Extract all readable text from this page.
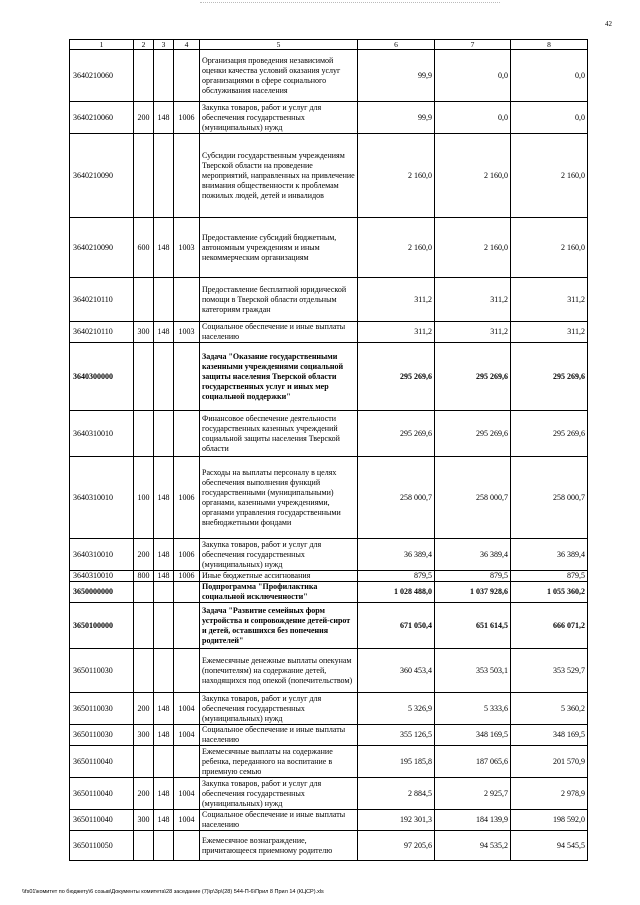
42
1	2	3	4	5	6	7	8
3640210060				Организация проведения независимой оценки качества условий оказания услуг организациями в сфере социального обслуживания населения	99,9	0,0	0,0
3640210060	200	148	1006	Закупка товаров, работ и услуг для обеспечения государственных (муниципальных) нужд	99,9	0,0	0,0
3640210090				Субсидии государственным учреждениям Тверской области на проведение мероприятий, направленных на привлечение внимания общественности к проблемам пожилых людей, детей и инвалидов	2 160,0	2 160,0	2 160,0
3640210090	600	148	1003	Предоставление субсидий бюджетным, автономным учреждениям и иным некоммерческим организациям	2 160,0	2 160,0	2 160,0
3640210110				Предоставление бесплатной юридической помощи в Тверской области отдельным категориям граждан	311,2	311,2	311,2
3640210110	300	148	1003	Социальное обеспечение и иные выплаты населению	311,2	311,2	311,2
3640300000				Задача "Оказание государственными казенными учреждениями социальной защиты населения Тверской области государственных услуг и иных мер социальной поддержки"	295 269,6	295 269,6	295 269,6
3640310010				Финансовое обеспечение деятельности государственных казенных учреждений социальной защиты населения Тверской области	295 269,6	295 269,6	295 269,6
3640310010	100	148	1006	Расходы на выплаты персоналу в целях обеспечения выполнения функций государственными (муниципальными) органами, казенными учреждениями, органами управления государственными внебюджетными фондами	258 000,7	258 000,7	258 000,7
3640310010	200	148	1006	Закупка товаров, работ и услуг для обеспечения государственных (муниципальных) нужд	36 389,4	36 389,4	36 389,4
3640310010	800	148	1006	Иные бюджетные ассигнования	879,5	879,5	879,5
3650000000				Подпрограмма "Профилактика социальной исключенности"	1 028 488,0	1 037 928,6	1 055 360,2
3650100000				Задача "Развитие семейных форм устройства и сопровождение детей-сирот и детей, оставшихся без попечения родителей"	671 050,4	651 614,5	666 071,2
3650110030				Ежемесячные денежные выплаты опекунам (попечителям) на содержание детей, находящихся под опекой (попечительством)	360 453,4	353 503,1	353 529,7
3650110030	200	148	1004	Закупка товаров, работ и услуг для обеспечения государственных (муниципальных) нужд	5 326,9	5 333,6	5 360,2
3650110030	300	148	1004	Социальное обеспечение и иные выплаты населению	355 126,5	348 169,5	348 169,5
3650110040				Ежемесячные выплаты на содержание ребенка, переданного на воспитание в приемную семью	195 185,8	187 065,6	201 570,9
3650110040	200	148	1004	Закупка товаров, работ и услуг для обеспечения государственных (муниципальных) нужд	2 884,5	2 925,7	2 978,9
3650110040	300	148	1004	Социальное обеспечение и иные выплаты населению	192 301,3	184 139,9	198 592,0
3650110050				Ежемесячное вознаграждение, причитающееся приемному родителю	97 205,6	94 535,2	94 545,5
\\fs01\комитет по бюджету\6 созыв\Документы комитета\28 заседание (7)\p\3p\(28) 544-П-6\Прил 8 Прил 14 (КЦСР).xls
